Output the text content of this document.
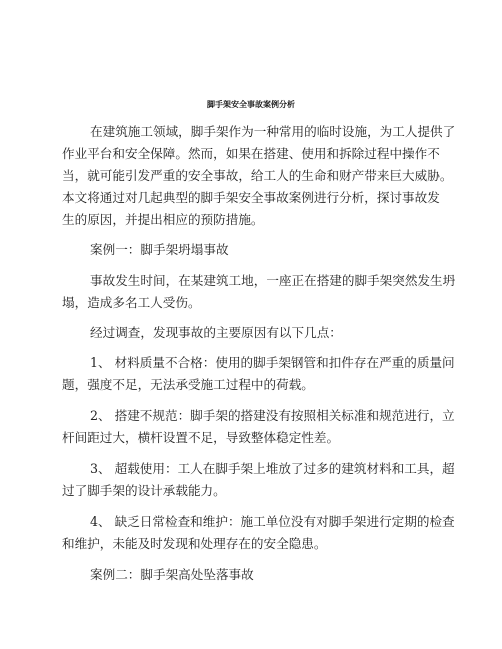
脚手架安全事故案例分析
在建筑施工领域，脚手架作为一种常用的临时设施，为工人提供了
作业平台和安全保障。然而，如果在搭建、使用和拆除过程中操作不
当，就可能引发严重的安全事故，给工人的生命和财产带来巨大威胁。
本文将通过对几起典型的脚手架安全事故案例进行分析，探讨事故发
生的原因，并提出相应的预防措施。
案例一：脚手架坍塌事故
事故发生时间，在某建筑工地，一座正在搭建的脚手架突然发生坍
塌，造成多名工人受伤。
经过调查，发现事故的主要原因有以下几点：
1、 材料质量不合格：使用的脚手架钢管和扣件存在严重的质量问
题，强度不足，无法承受施工过程中的荷载。
2、 搭建不规范：脚手架的搭建没有按照相关标准和规范进行，立
杆间距过大，横杆设置不足，导致整体稳定性差。
3、 超载使用：工人在脚手架上堆放了过多的建筑材料和工具，超
过了脚手架的设计承载能力。
4、 缺乏日常检查和维护：施工单位没有对脚手架进行定期的检查
和维护，未能及时发现和处理存在的安全隐患。
案例二：脚手架高处坠落事故
